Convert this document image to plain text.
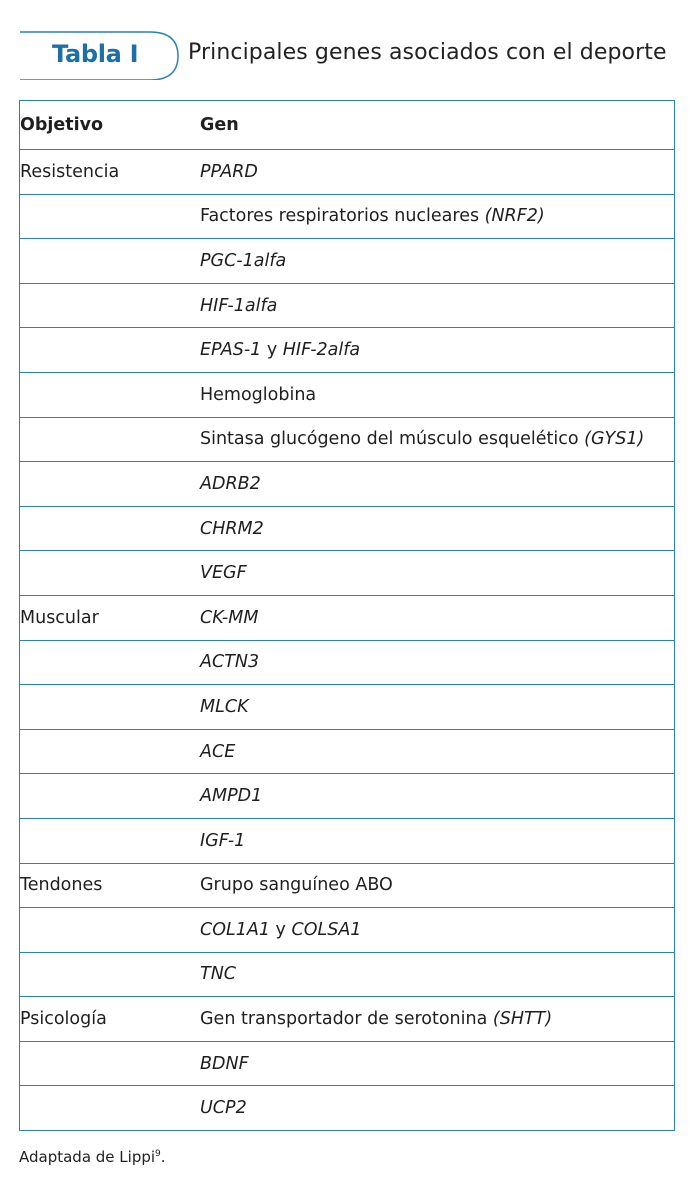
Tabla I Principales genes asociados con el deporte
Objetivo	Gen
Resistencia	PPARD
	Factores respiratorios nucleares (NRF2)
	PGC-1alfa
	HIF-1alfa
	EPAS-1 y HIF-2alfa
	Hemoglobina
	Sintasa glucógeno del músculo esquelético (GYS1)
	ADRB2
	CHRM2
	VEGF
Muscular	CK-MM
	ACTN3
	MLCK
	ACE
	AMPD1
	IGF-1
Tendones	Grupo sanguíneo ABO
	COL1A1 y COLSA1
	TNC
Psicología	Gen transportador de serotonina (SHTT)
	BDNF
	UCP2
Adaptada de Lippi$^9$.
